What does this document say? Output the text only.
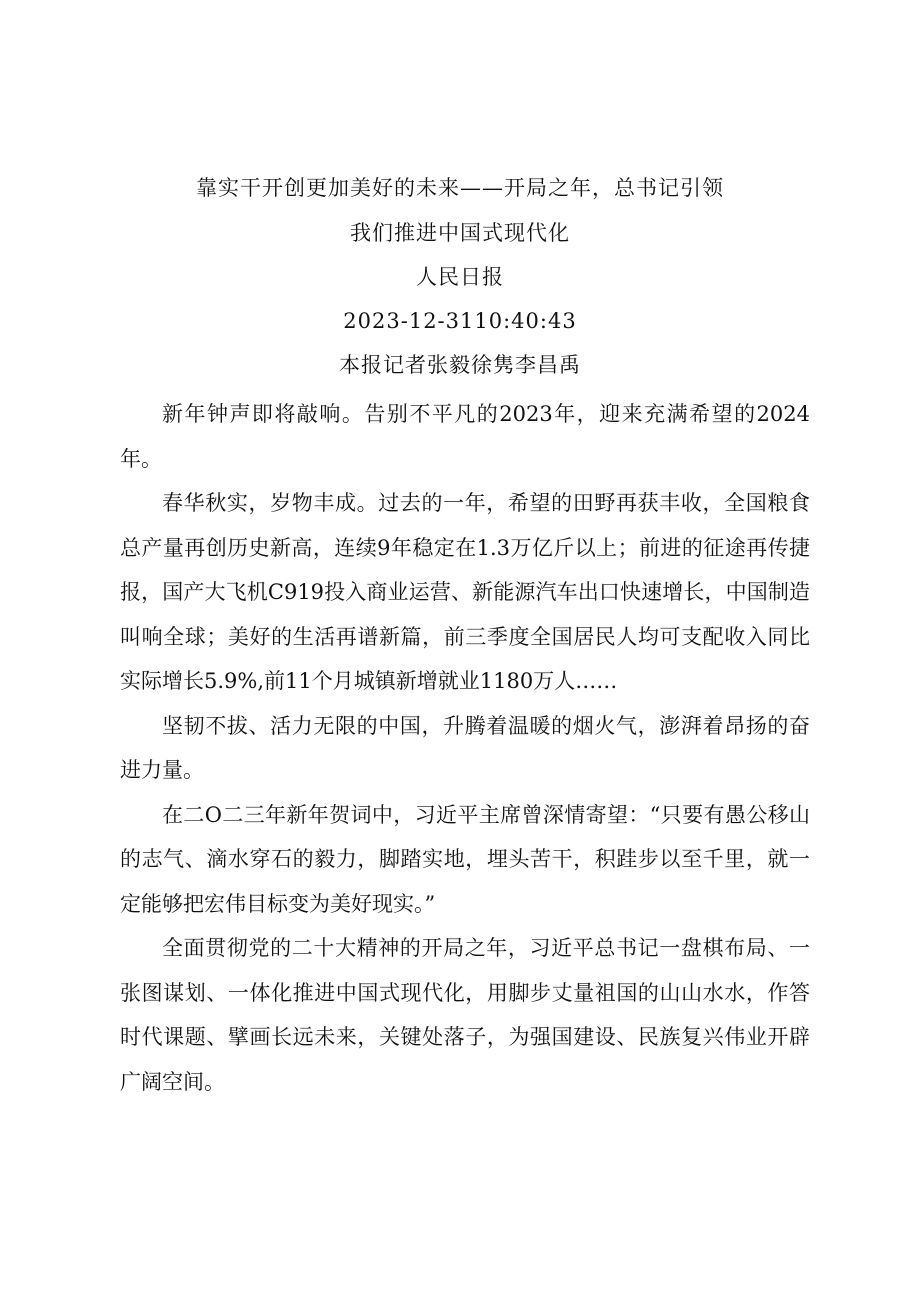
靠实干开创更加美好的未来——开局之年，总书记引领
我们推进中国式现代化
人民日报
2023-12-3110:40:43
本报记者张毅徐隽李昌禹

新年钟声即将敲响。告别不平凡的2023年，迎来充满希望的2024年。

春华秋实，岁物丰成。过去的一年，希望的田野再获丰收，全国粮食总产量再创历史新高，连续9年稳定在1.3万亿斤以上；前进的征途再传捷报，国产大飞机C919投入商业运营、新能源汽车出口快速增长，中国制造叫响全球；美好的生活再谱新篇，前三季度全国居民人均可支配收入同比实际增长5.9%,前11个月城镇新增就业1180万人……

坚韧不拔、活力无限的中国，升腾着温暖的烟火气，澎湃着昂扬的奋进力量。

在二O二三年新年贺词中，习近平主席曾深情寄望：“只要有愚公移山的志气、滴水穿石的毅力，脚踏实地，埋头苦干，积跬步以至千里，就一定能够把宏伟目标变为美好现实。”

全面贯彻党的二十大精神的开局之年，习近平总书记一盘棋布局、一张图谋划、一体化推进中国式现代化，用脚步丈量祖国的山山水水，作答时代课题、擘画长远未来，关键处落子，为强国建设、民族复兴伟业开辟广阔空间。
